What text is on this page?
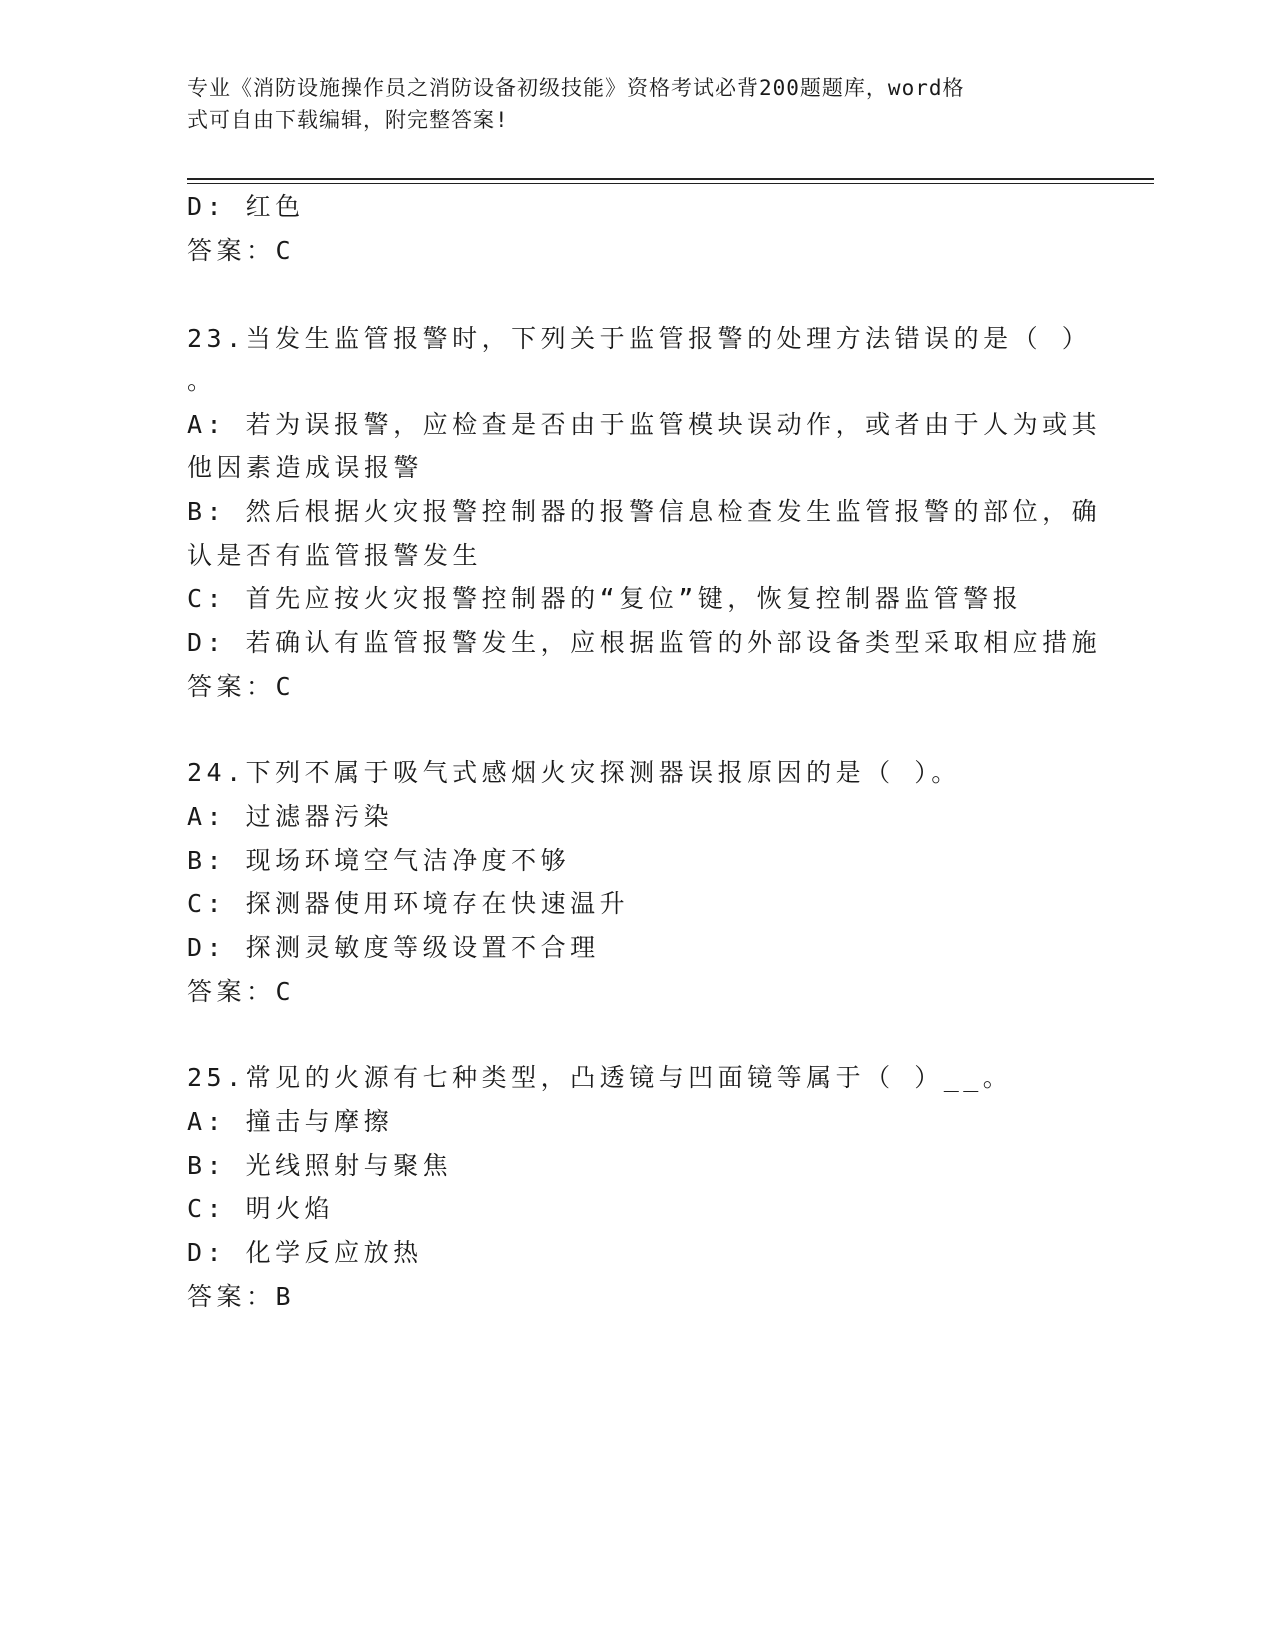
专业《消防设施操作员之消防设备初级技能》资格考试必背200题题库，word格
式可自由下载编辑，附完整答案!
D: 红色
答案：C
23.当发生监管报警时，下列关于监管报警的处理方法错误的是（ ）
。
A: 若为误报警，应检查是否由于监管模块误动作，或者由于人为或其
他因素造成误报警
B: 然后根据火灾报警控制器的报警信息检查发生监管报警的部位，确
认是否有监管报警发生
C: 首先应按火灾报警控制器的“复位”键，恢复控制器监管警报
D: 若确认有监管报警发生，应根据监管的外部设备类型采取相应措施
答案：C
24.下列不属于吸气式感烟火灾探测器误报原因的是（ ）。
A: 过滤器污染
B: 现场环境空气洁净度不够
C: 探测器使用环境存在快速温升
D: 探测灵敏度等级设置不合理
答案：C
25.常见的火源有七种类型，凸透镜与凹面镜等属于（ ）__。
A: 撞击与摩擦
B: 光线照射与聚焦
C: 明火焰
D: 化学反应放热
答案：B
